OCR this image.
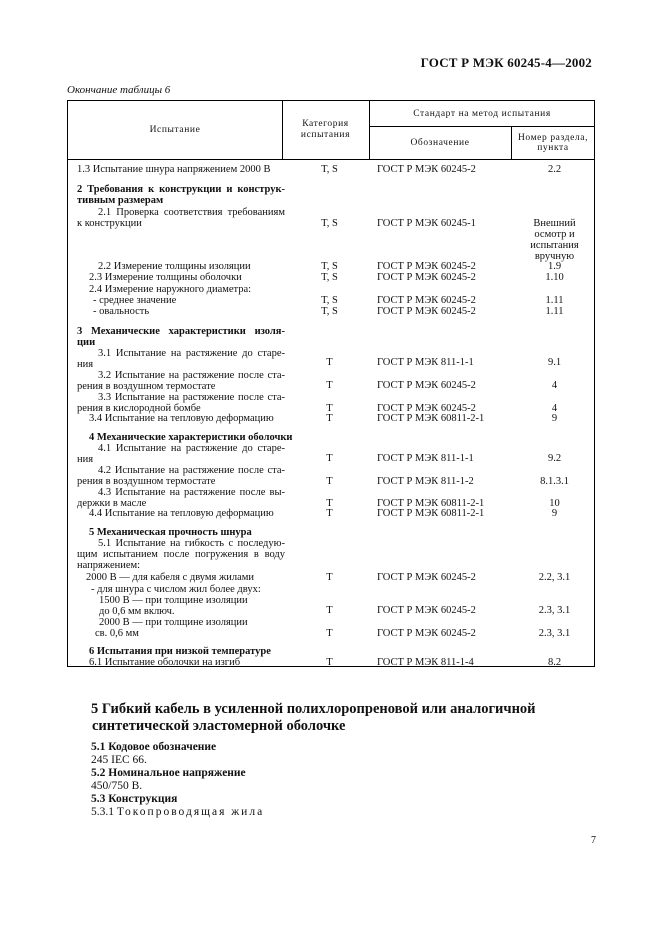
ГОСТ Р МЭК 60245-4—2002
Окончание таблицы 6
Испытание
Категория
испытания
Стандарт на метод испытания
Обозначение	Номер раздела,
пункта
1.3 Испытание шнура напряжением 2000 В	T, S	ГОСТ Р МЭК 60245-2	2.2
2 Требования к конструкции и конструк-
тивным размерам
2.1 Проверка соответствия требованиям
к конструкции	T, S	ГОСТ Р МЭК 60245-1	Внешний
осмотр и
испытания
вручную
2.2 Измерение толщины изоляции	T, S	ГОСТ Р МЭК 60245-2	1.9
2.3 Измерение толщины оболочки	T, S	ГОСТ Р МЭК 60245-2	1.10
2.4 Измерение наружного диаметра:
- среднее значение	T, S	ГОСТ Р МЭК 60245-2	1.11
- овальность	T, S	ГОСТ Р МЭК 60245-2	1.11
3 Механические характеристики изоля-
ции
3.1 Испытание на растяжение до старе-
ния	T	ГОСТ Р МЭК 811-1-1	9.1
3.2 Испытание на растяжение после ста-
рения в воздушном термостате	T	ГОСТ Р МЭК 60245-2	4
3.3 Испытание на растяжение после ста-
рения в кислородной бомбе	T	ГОСТ Р МЭК 60245-2	4
3.4 Испытание на тепловую деформацию	T	ГОСТ Р МЭК 60811-2-1	9
4 Механические характеристики оболочки
4.1 Испытание на растяжение до старе-
ния	T	ГОСТ Р МЭК 811-1-1	9.2
4.2 Испытание на растяжение после ста-
рения в воздушном термостате	T	ГОСТ Р МЭК 811-1-2	8.1.3.1
4.3 Испытание на растяжение после вы-
держки в масле	T	ГОСТ Р МЭК 60811-2-1	10
4.4 Испытание на тепловую деформацию	T	ГОСТ Р МЭК 60811-2-1	9
5 Механическая прочность шнура
5.1 Испытание на гибкость с последую-
щим испытанием после погружения в воду
напряжением:
2000 В — для кабеля с двумя жилами	T	ГОСТ Р МЭК 60245-2	2.2, 3.1
- для шнура с числом жил более двух:
1500 В — при толщине изоляции
до 0,6 мм включ.	T	ГОСТ Р МЭК 60245-2	2.3, 3.1
2000 В — при толщине изоляции
св. 0,6 мм	T	ГОСТ Р МЭК 60245-2	2.3, 3.1
6 Испытания при низкой температуре
6.1 Испытание оболочки на изгиб	T	ГОСТ Р МЭК 811-1-4	8.2
5 Гибкий кабель в усиленной полихлоропреновой или аналогичной
синтетической эластомерной оболочке
5.1 Кодовое обозначение
245 IEC 66.
5.2 Номинальное напряжение
450/750 В.
5.3 Конструкция
5.3.1 Токопроводящая жила
7
